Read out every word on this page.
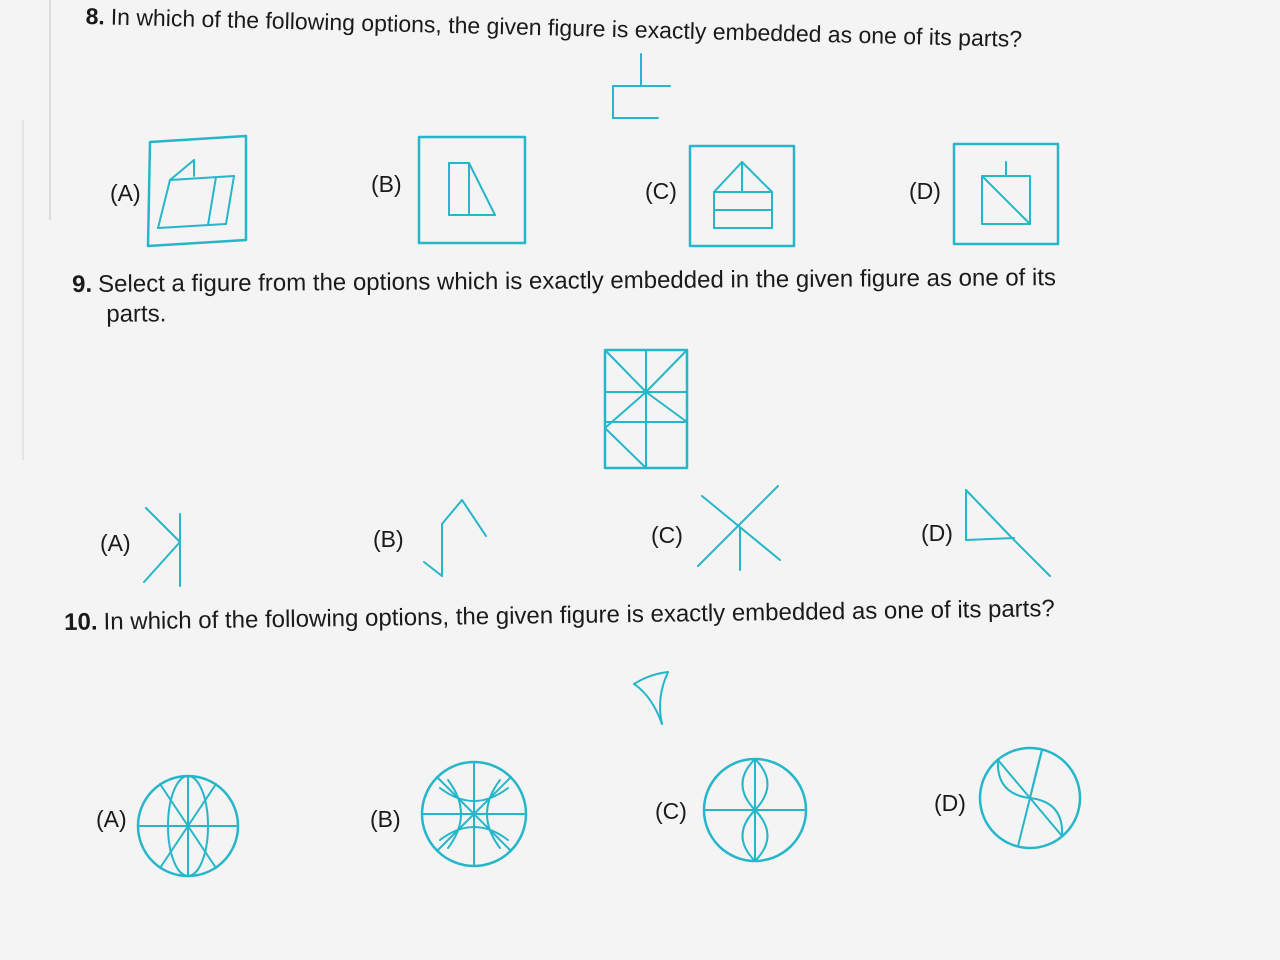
8. In which of the following options, the given figure is exactly embedded as one of its parts?
(A)	(B)	(C)	(D)
9. Select a figure from the options which is exactly embedded in the given figure as one of its
parts.
(A)	(B)	(C)	(D)
10. In which of the following options, the given figure is exactly embedded as one of its parts?
(A)	(B)	(C)	(D)
